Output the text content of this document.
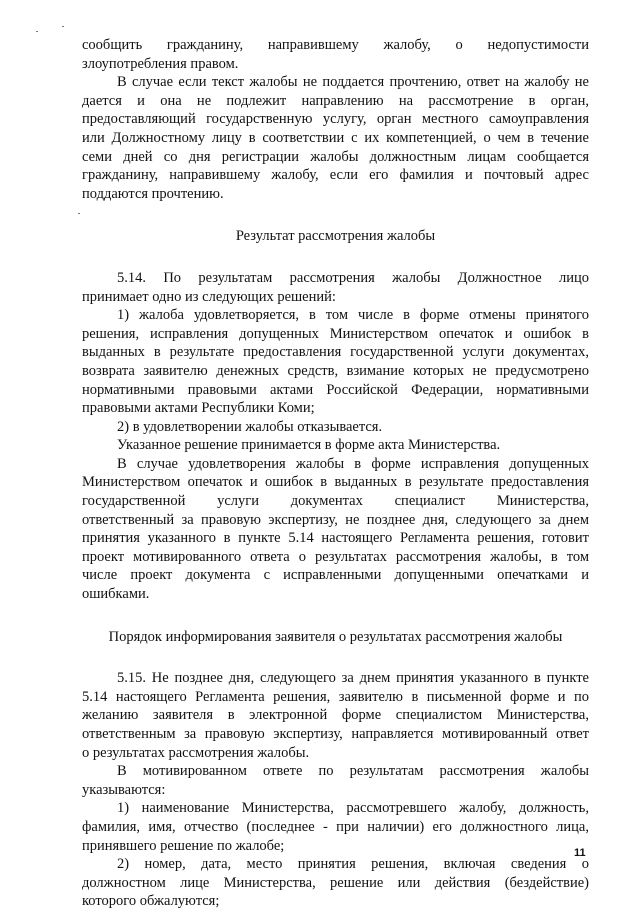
сообщить гражданину, направившему жалобу, о недопустимости
злоупотребления правом.
В случае если текст жалобы не поддается прочтению, ответ на жалобу не
дается и она не подлежит направлению на рассмотрение в орган,
предоставляющий государственную услугу, орган местного самоуправления
или Должностному лицу в соответствии с их компетенцией, о чем в течение
семи дней со дня регистрации жалобы должностным лицам сообщается
гражданину, направившему жалобу, если его фамилия и почтовый адрес
поддаются прочтению.
Результат рассмотрения жалобы
5.14. По результатам рассмотрения жалобы Должностное лицо
принимает одно из следующих решений:
1) жалоба удовлетворяется, в том числе в форме отмены принятого
решения, исправления допущенных Министерством опечаток и ошибок в
выданных в результате предоставления государственной услуги документах,
возврата заявителю денежных средств, взимание которых не предусмотрено
нормативными правовыми актами Российской Федерации, нормативными
правовыми актами Республики Коми;
2) в удовлетворении жалобы отказывается.
Указанное решение принимается в форме акта Министерства.
В случае удовлетворения жалобы в форме исправления допущенных
Министерством опечаток и ошибок в выданных в результате предоставления
государственной услуги документах специалист Министерства,
ответственный за правовую экспертизу, не позднее дня, следующего за днем
принятия указанного в пункте 5.14 настоящего Регламента решения, готовит
проект мотивированного ответа о результатах рассмотрения жалобы, в том
числе проект документа с исправленными допущенными опечатками и
ошибками.
Порядок информирования заявителя о результатах рассмотрения жалобы
5.15. Не позднее дня, следующего за днем принятия указанного в пункте
5.14 настоящего Регламента решения, заявителю в письменной форме и по
желанию заявителя в электронной форме специалистом Министерства,
ответственным за правовую экспертизу, направляется мотивированный ответ
о результатах рассмотрения жалобы.
В мотивированном ответе по результатам рассмотрения жалобы
указываются:
1) наименование Министерства, рассмотревшего жалобу, должность,
фамилия, имя, отчество (последнее - при наличии) его должностного лица,
принявшего решение по жалобе;
2) номер, дата, место принятия решения, включая сведения о
должностном лице Министерства, решение или действия (бездействие)
которого обжалуются;
11
